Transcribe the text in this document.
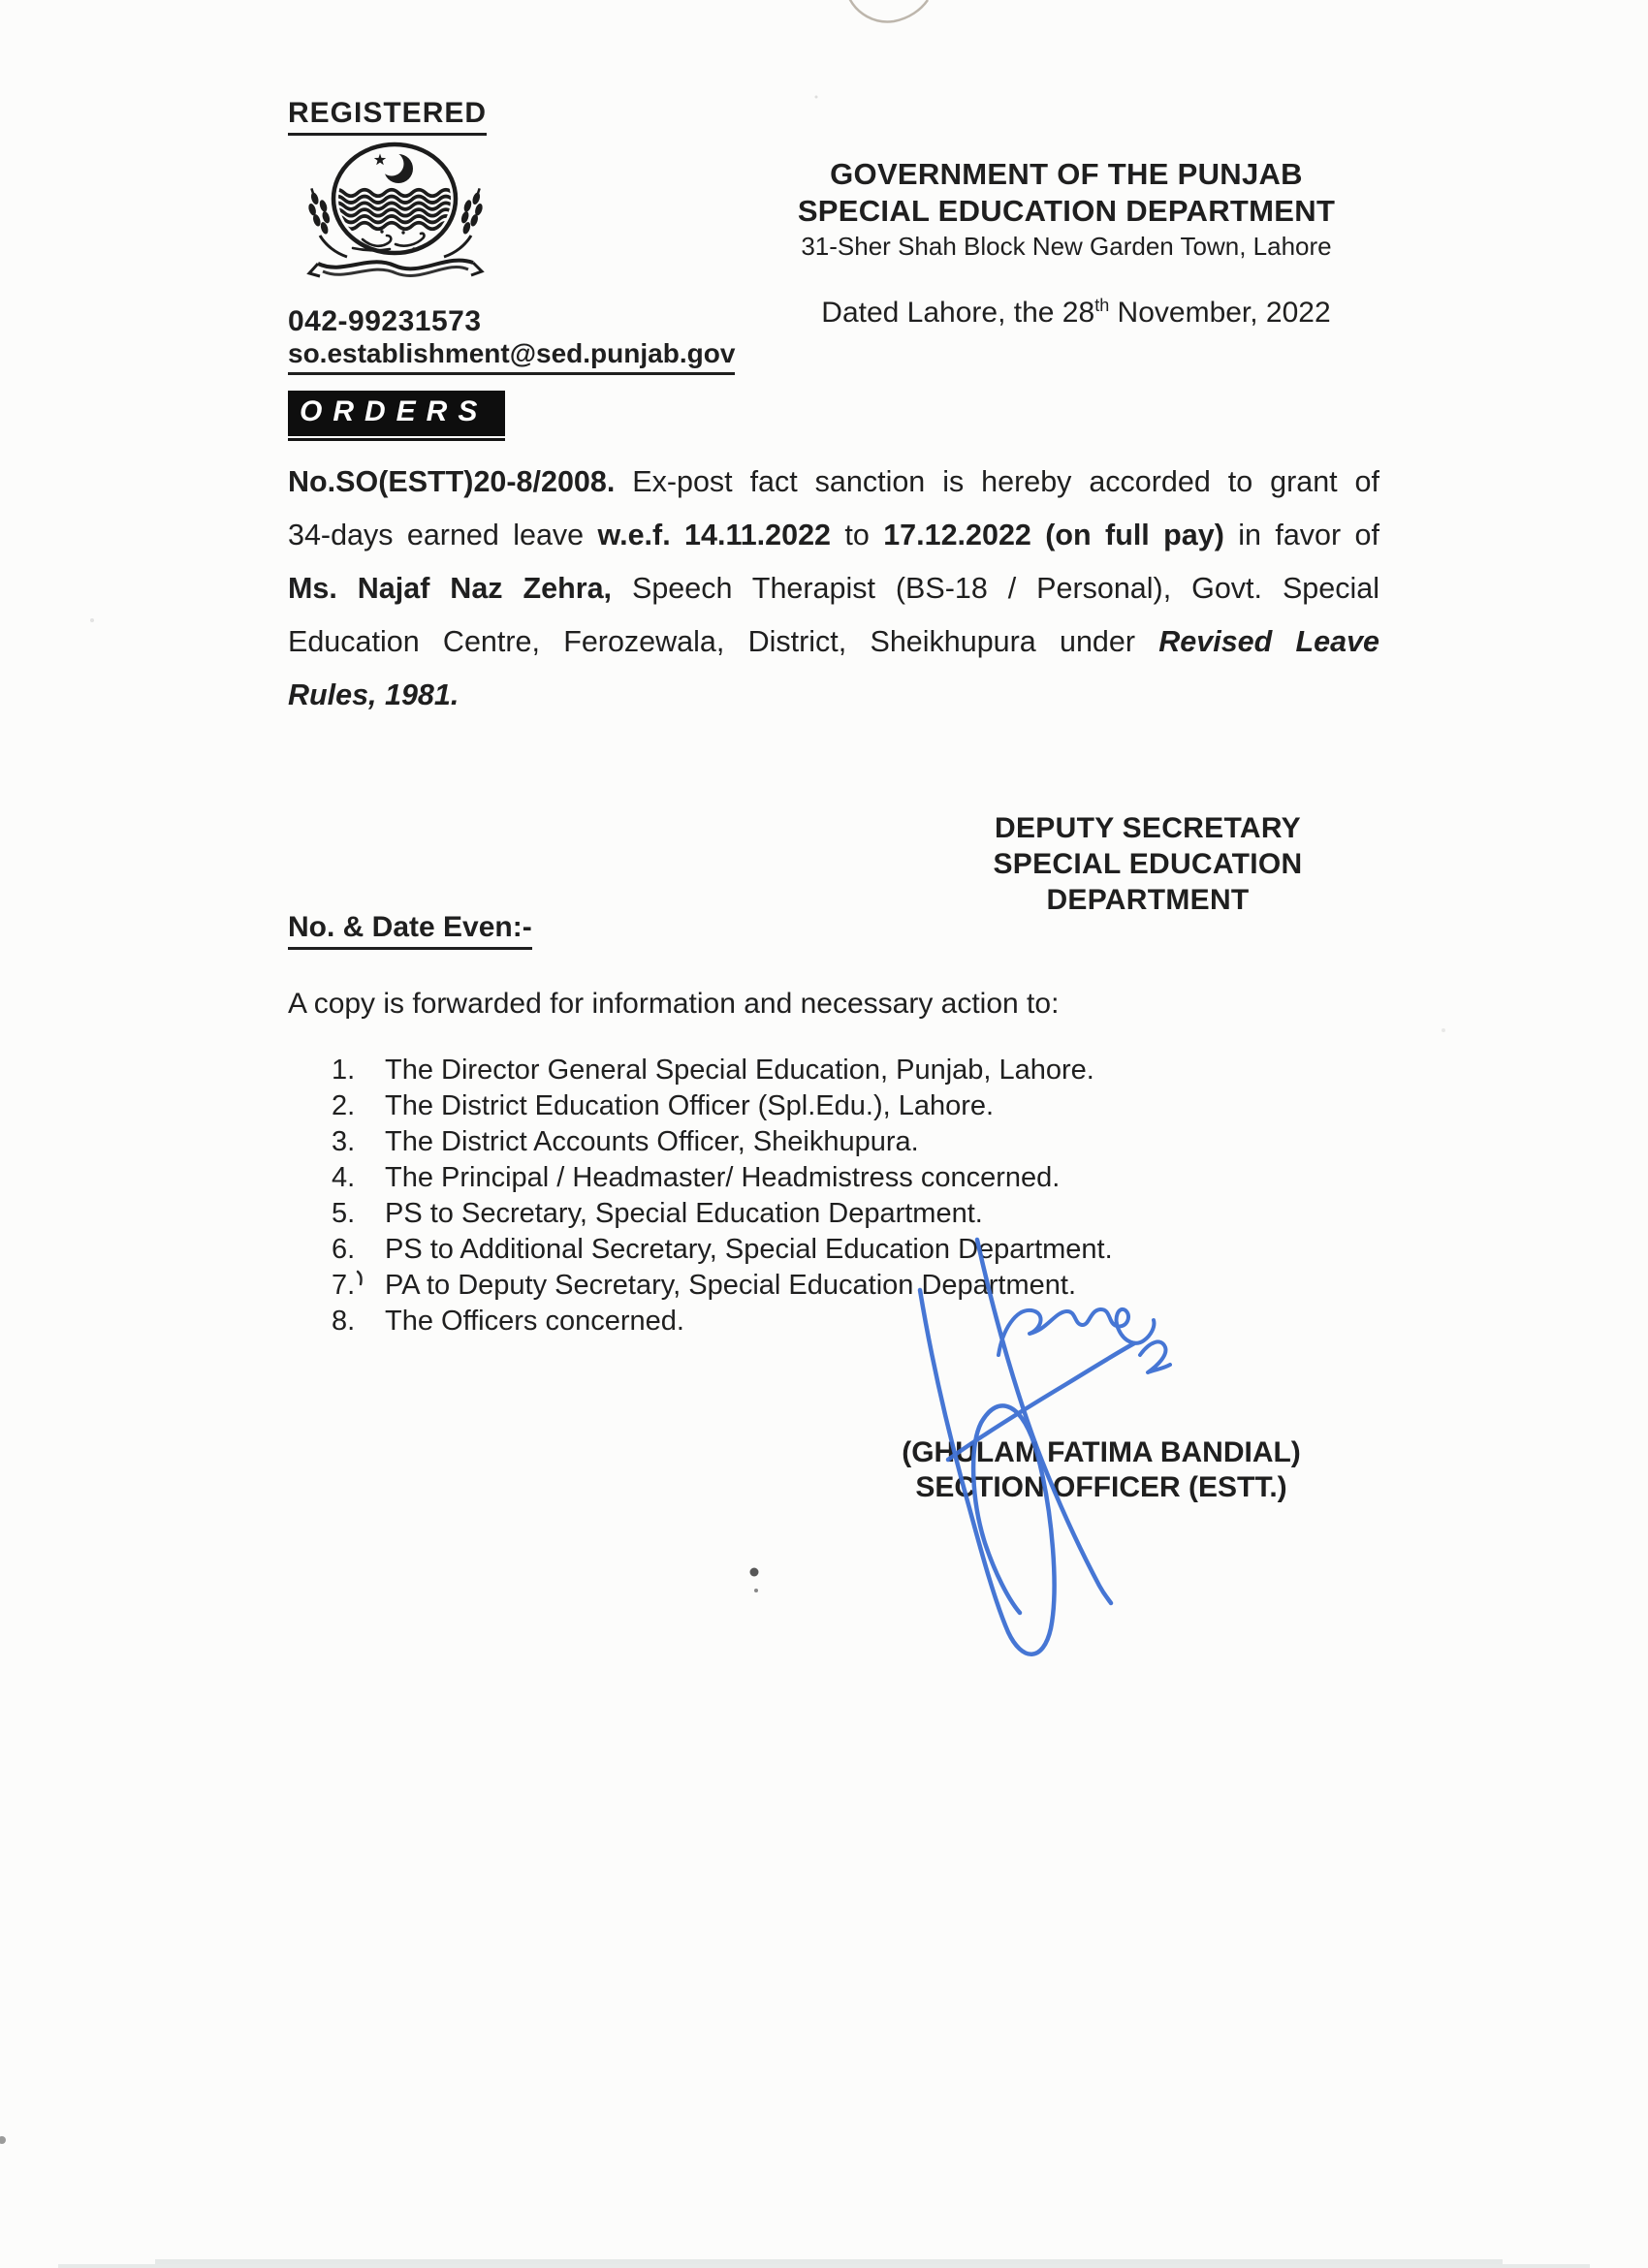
REGISTERED
042-99231573
so.establishment@sed.punjab.gov
GOVERNMENT OF THE PUNJAB
SPECIAL EDUCATION DEPARTMENT
31-Sher Shah Block New Garden Town, Lahore
Dated Lahore, the 28th November, 2022
ORDERS
No.SO(ESTT)20-8/2008. Ex-post fact sanction is hereby accorded to grant of
34-days earned leave w.e.f. 14.11.2022 to 17.12.2022 (on full pay) in favor of
Ms. Najaf Naz Zehra, Speech Therapist (BS-18 / Personal), Govt. Special
Education Centre, Ferozewala, District, Sheikhupura under Revised Leave
Rules, 1981.
DEPUTY SECRETARY
SPECIAL EDUCATION
DEPARTMENT
No. & Date Even:-
A copy is forwarded for information and necessary action to:
1.	The Director General Special Education, Punjab, Lahore.
2.	The District Education Officer (Spl.Edu.), Lahore.
3.	The District Accounts Officer, Sheikhupura.
4.	The Principal / Headmaster/ Headmistress concerned.
5.	PS to Secretary, Special Education Department.
6.	PS to Additional Secretary, Special Education Department.
7.	PA to Deputy Secretary, Special Education Department.
8.	The Officers concerned.
(GHULAM FATIMA BANDIAL)
SECTION OFFICER (ESTT.)
